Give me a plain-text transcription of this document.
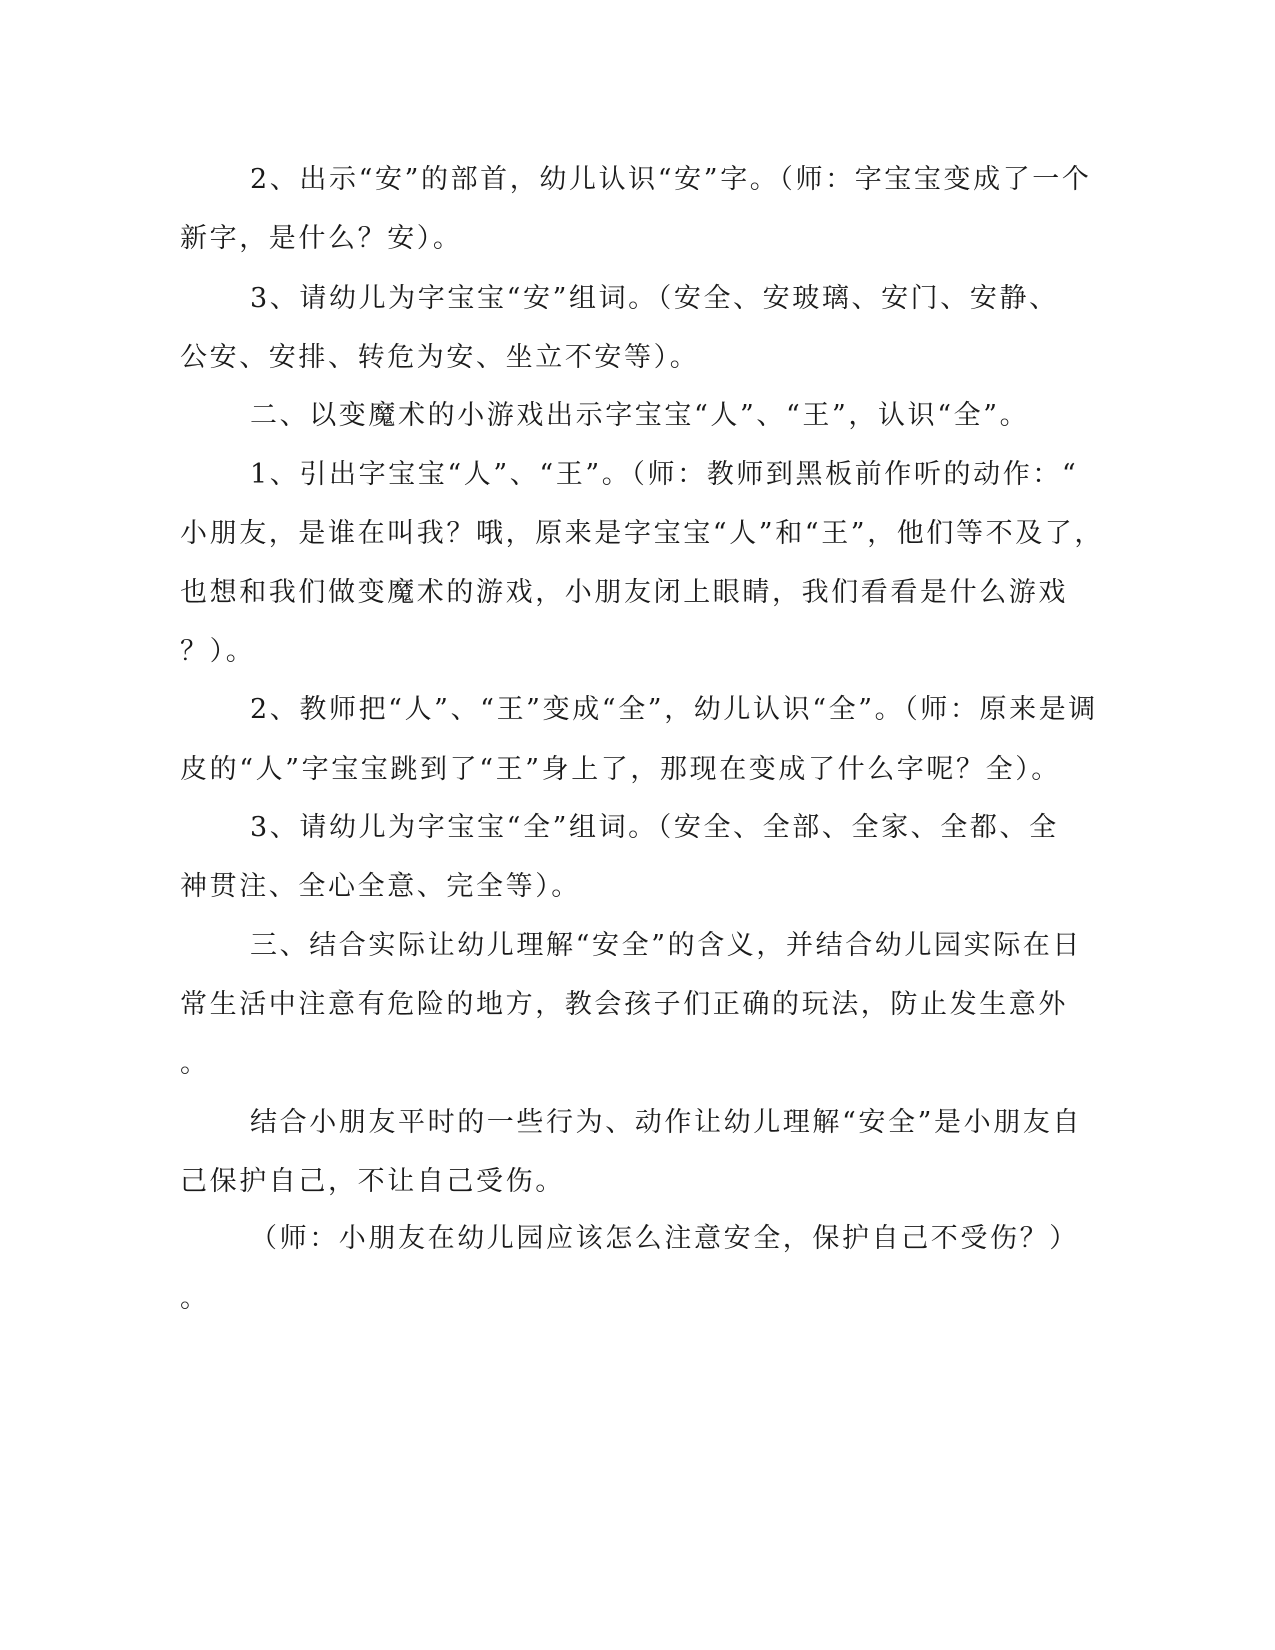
2、出示“安”的部首，幼儿认识“安”字。（师：字宝宝变成了一个
新字，是什么？安）。
3、请幼儿为字宝宝“安”组词。（安全、安玻璃、安门、安静、
公安、安排、转危为安、坐立不安等）。
二、以变魔术的小游戏出示字宝宝“人”、“王”，认识“全”。
1、引出字宝宝“人”、“王”。（师：教师到黑板前作听的动作：“
小朋友，是谁在叫我？哦，原来是字宝宝“人”和“王”，他们等不及了，
也想和我们做变魔术的游戏，小朋友闭上眼睛，我们看看是什么游戏
？）。
2、教师把“人”、“王”变成“全”，幼儿认识“全”。（师：原来是调
皮的“人”字宝宝跳到了“王”身上了，那现在变成了什么字呢？全）。
3、请幼儿为字宝宝“全”组词。（安全、全部、全家、全都、全
神贯注、全心全意、完全等）。
三、结合实际让幼儿理解“安全”的含义，并结合幼儿园实际在日
常生活中注意有危险的地方，教会孩子们正确的玩法，防止发生意外
。
结合小朋友平时的一些行为、动作让幼儿理解“安全”是小朋友自
己保护自己，不让自己受伤。
（师：小朋友在幼儿园应该怎么注意安全，保护自己不受伤？）
。
